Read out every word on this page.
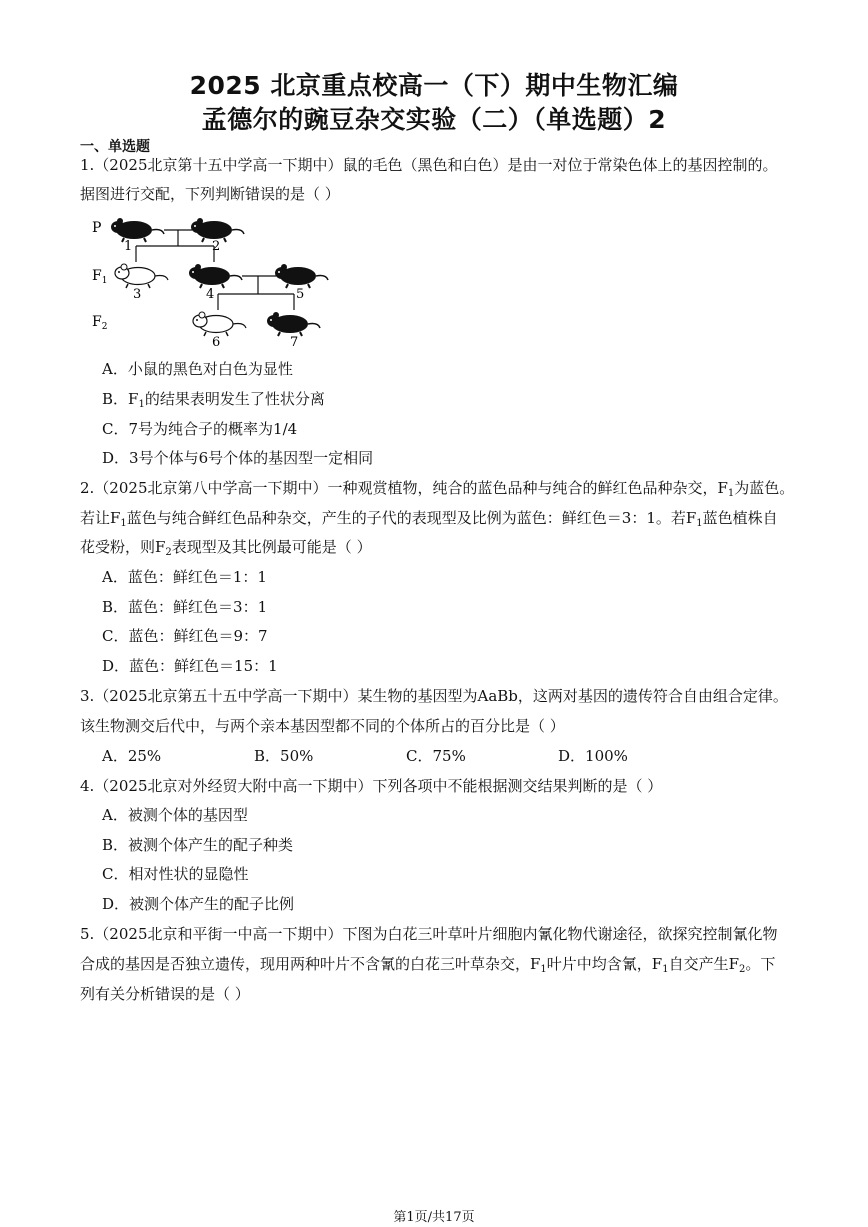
2025 北京重点校高一（下）期中生物汇编
孟德尔的豌豆杂交实验（二）（单选题）2
一、单选题
1.（2025北京第十五中学高一下期中）鼠的毛色（黑色和白色）是由一对位于常染色体上的基因控制的。
据图进行交配，下列判断错误的是（ ）
P
$F_1$
$F_2$
1	2
3	4	5
6	7
A．小鼠的黑色对白色为显性
B．$F_1$的结果表明发生了性状分离
C．7号为纯合子的概率为1/4
D．3号个体与6号个体的基因型一定相同
2.（2025北京第八中学高一下期中）一种观赏植物，纯合的蓝色品种与纯合的鲜红色品种杂交，$F_1$为蓝色。
若让$F_1$蓝色与纯合鲜红色品种杂交，产生的子代的表现型及比例为蓝色：鲜红色＝3：1。若$F_1$蓝色植株自
花受粉，则$F_2$表现型及其比例最可能是（ ）
A．蓝色：鲜红色＝1：1
B．蓝色：鲜红色＝3：1
C．蓝色：鲜红色＝9：7
D．蓝色：鲜红色＝15：1
3.（2025北京第五十五中学高一下期中）某生物的基因型为AaBb，这两对基因的遗传符合自由组合定律。
该生物测交后代中，与两个亲本基因型都不同的个体所占的百分比是（ ）
A．25%	B．50%	C．75%	D．100%
4.（2025北京对外经贸大附中高一下期中）下列各项中不能根据测交结果判断的是（ ）
A．被测个体的基因型
B．被测个体产生的配子种类
C．相对性状的显隐性
D．被测个体产生的配子比例
5.（2025北京和平街一中高一下期中）下图为白花三叶草叶片细胞内氰化物代谢途径，欲探究控制氰化物
合成的基因是否独立遗传，现用两种叶片不含氰的白花三叶草杂交，$F_1$叶片中均含氰，$F_1$自交产生$F_2$。下
列有关分析错误的是（ ）
第1页/共17页
